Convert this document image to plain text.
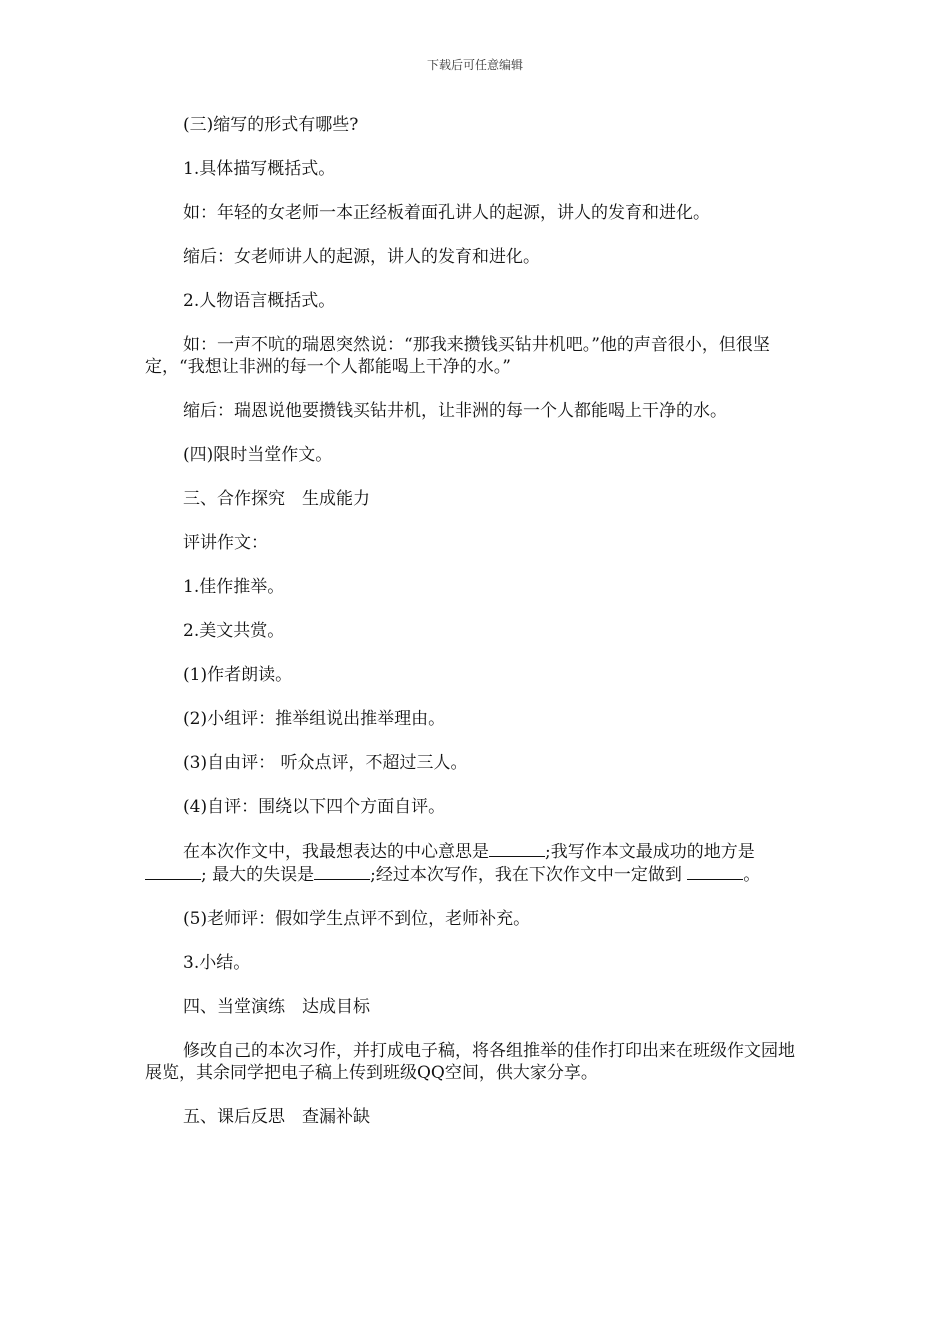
下载后可任意编辑

(三)缩写的形式有哪些?

1.具体描写概括式。

如：年轻的女老师一本正经板着面孔讲人的起源，讲人的发育和进化。

缩后：女老师讲人的起源，讲人的发育和进化。

2.人物语言概括式。

如：一声不吭的瑞恩突然说：“那我来攒钱买钻井机吧。”他的声音很小，但很坚定，“我想让非洲的每一个人都能喝上干净的水。”

缩后：瑞恩说他要攒钱买钻井机，让非洲的每一个人都能喝上干净的水。

(四)限时当堂作文。

三、合作探究　生成能力

评讲作文：

1.佳作推举。

2.美文共赏。

(1)作者朗读。

(2)小组评：推举组说出推举理由。

(3)自由评： 听众点评，不超过三人。

(4)自评：围绕以下四个方面自评。

在本次作文中，我最想表达的中心意思是	;我写作本文最成功的地方是; 最大的失误是	;经过本次写作，我在下次作文中一定做到	。

(5)老师评：假如学生点评不到位，老师补充。

3.小结。

四、当堂演练　达成目标

修改自己的本次习作，并打成电子稿，将各组推举的佳作打印出来在班级作文园地展览，其余同学把电子稿上传到班级QQ空间，供大家分享。

五、课后反思　查漏补缺
